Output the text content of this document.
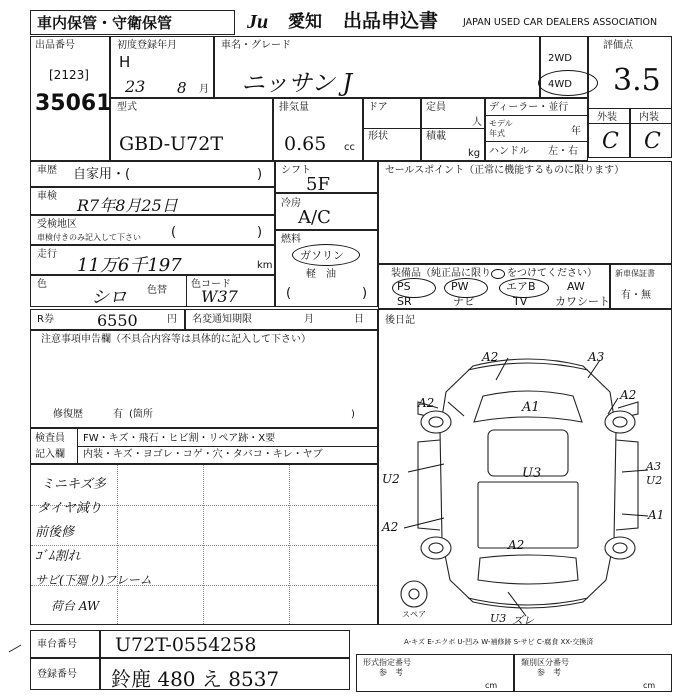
車内保管・守衛保管	Ju 愛知 出品申込書	JAPAN USED CAR DEALERS ASSOCIATION
出品番号
[2123]
35061
初度登録年月
H
23 8 月
車名・グレード
ニッサン J
2WD
4WD
評価点
3.5
外装
C
内装
C
型式
GBD-U72T
排気量
0.65 cc
ドア
形状
定員
人
積載
kg
ディーラー・並行
モデル
年式	年
ハンドル 左・右
車歴 自家用・(	)
車検 R7年8月25日
受検地区
車検付きのみ記入して下さい (	)
走行
11万6千197	km
色
シロ 色替
色コード
W37
シフト
5F
冷房
A/C
燃料
ガソリン
軽　油
(	)
セールスポイント（正常に機能するものに限ります）
装備品（純正品に限り をつけてください）
PS	PW	エアB	AW
SR	ナビ	TV	カワシート
新車保証書
有・無
R券	6550	円 名変通知期限	月	日
注意事項申告欄（不具合内容等は具体的に記入して下さい）
修復歴	有 (箇所	)
後日記
検査員 FW・キズ・飛石・ヒビ割・リペア跡・X要
記入欄 内装・キズ・ヨゴレ・コゲ・穴・タバコ・キレ・ヤブ
ミニキズ多
タイヤ減り
前後修
ｺﾞﾑ割れ
サビ(下廻り)フレーム
荷台 AW
A2	A3
A2	A1
A2
A3
U2
U2	U3
A2
A1
A2
U3 ズレ
スペア
A-キズ E-エクボ U-凹み W-補修跡 S-サビ C-腐食 XX-交換済
車台番号 U72T-0554258
登録番号 鈴鹿 480 え 8537
形式指定番号
参　考
cm
類別区分番号
参　考
cm
